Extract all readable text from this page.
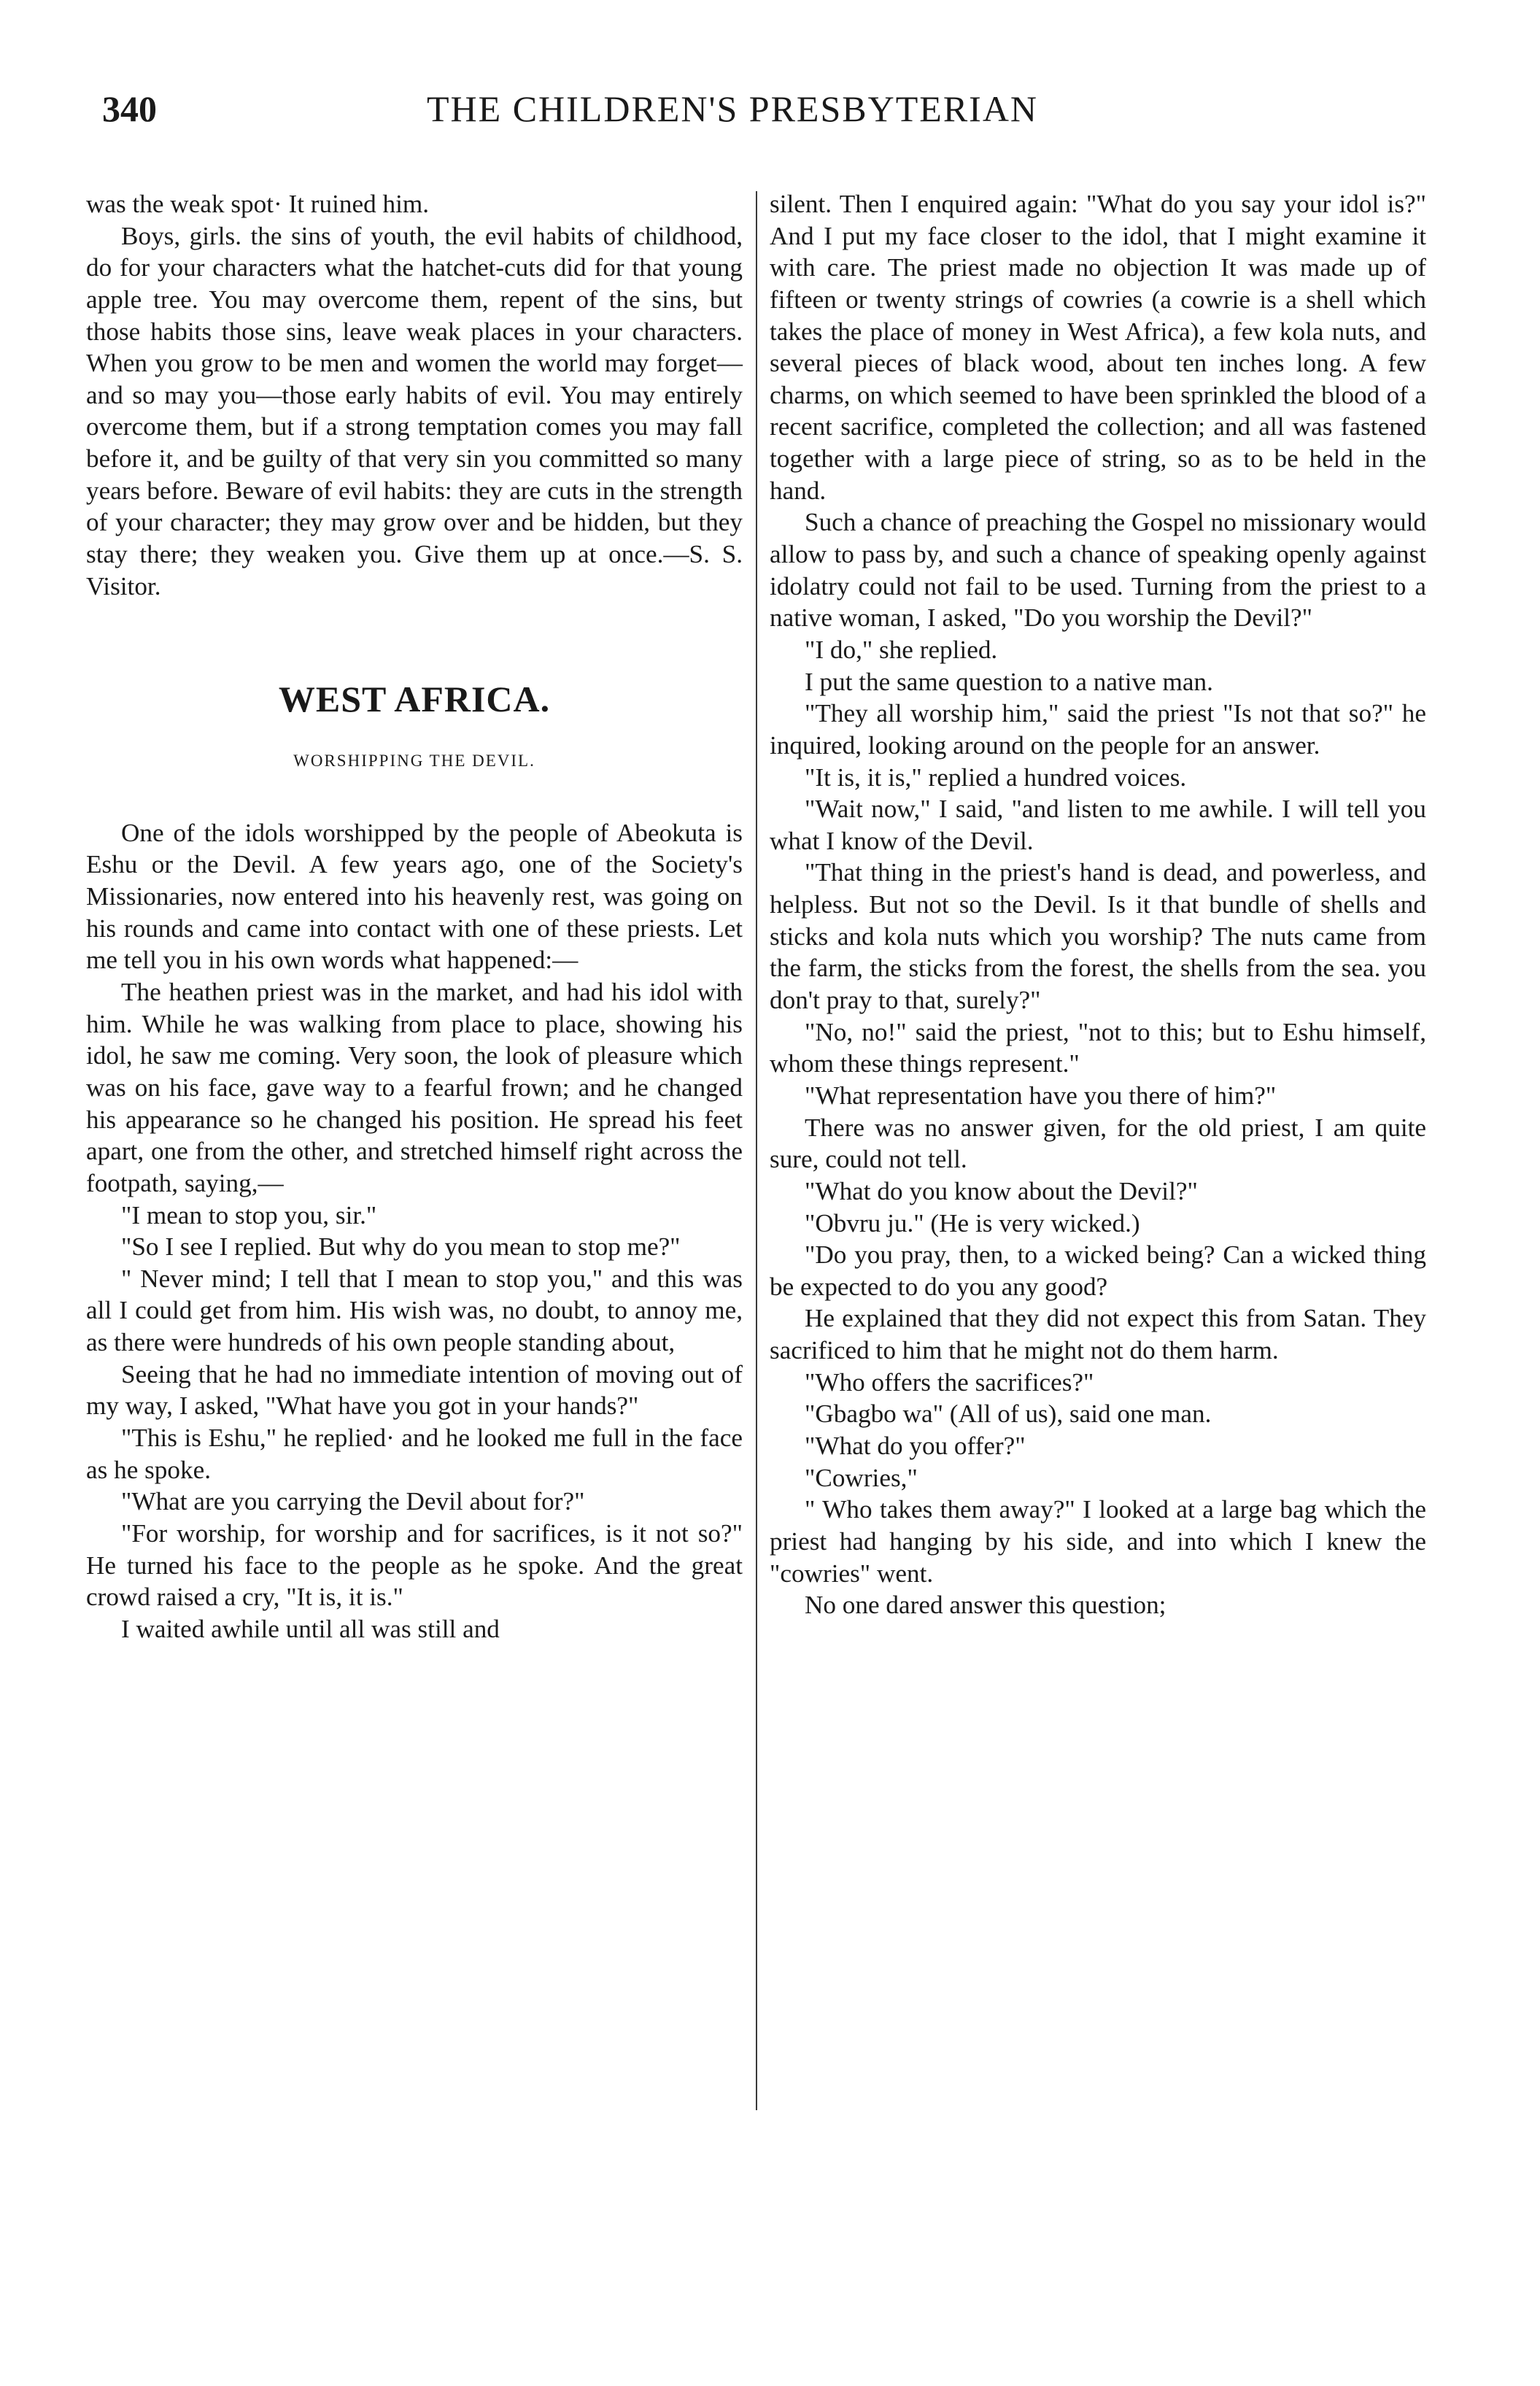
340	THE CHILDREN'S PRESBYTERIAN

was the weak spot· It ruined him.

Boys, girls. the sins of youth, the evil habits of childhood, do for your characters what the hatchet-cuts did for that young apple tree. You may overcome them, repent of the sins, but those habits those sins, leave weak places in your characters. When you grow to be men and women the world may forget—and so may you—those early habits of evil. You may entirely overcome them, but if a strong temptation comes you may fall before it, and be guilty of that very sin you committed so many years before. Beware of evil habits: they are cuts in the strength of your character; they may grow over and be hidden, but they stay there; they weaken you. Give them up at once.—S. S. Visitor.

WEST AFRICA.
WORSHIPPING THE DEVIL.

One of the idols worshipped by the people of Abeokuta is Eshu or the Devil. A few years ago, one of the Society's Missionaries, now entered into his heavenly rest, was going on his rounds and came into contact with one of these priests. Let me tell you in his own words what happened:—

The heathen priest was in the market, and had his idol with him. While he was walking from place to place, showing his idol, he saw me coming. Very soon, the look of pleasure which was on his face, gave way to a fearful frown; and he changed his appearance so he changed his position. He spread his feet apart, one from the other, and stretched himself right across the footpath, saying,—

"I mean to stop you, sir."

"So I see I replied. But why do you mean to stop me?"

" Never mind; I tell that I mean to stop you," and this was all I could get from him. His wish was, no doubt, to annoy me, as there were hundreds of his own people standing about,

Seeing that he had no immediate intention of moving out of my way, I asked, "What have you got in your hands?"

"This is Eshu," he replied· and he looked me full in the face as he spoke.

"What are you carrying the Devil about for?"

"For worship, for worship and for sacrifices, is it not so?" He turned his face to the people as he spoke. And the great crowd raised a cry, "It is, it is."

I waited awhile until all was still and

silent. Then I enquired again: "What do you say your idol is?" And I put my face closer to the idol, that I might examine it with care. The priest made no objection It was made up of fifteen or twenty strings of cowries (a cowrie is a shell which takes the place of money in West Africa), a few kola nuts, and several pieces of black wood, about ten inches long. A few charms, on which seemed to have been sprinkled the blood of a recent sacrifice, completed the collection; and all was fastened together with a large piece of string, so as to be held in the hand.

Such a chance of preaching the Gospel no missionary would allow to pass by, and such a chance of speaking openly against idolatry could not fail to be used. Turning from the priest to a native woman, I asked, "Do you worship the Devil?"

"I do," she replied.

I put the same question to a native man.

"They all worship him," said the priest "Is not that so?" he inquired, looking around on the people for an answer.

"It is, it is," replied a hundred voices.

"Wait now," I said, "and listen to me awhile. I will tell you what I know of the Devil.

"That thing in the priest's hand is dead, and powerless, and helpless. But not so the Devil. Is it that bundle of shells and sticks and kola nuts which you worship? The nuts came from the farm, the sticks from the forest, the shells from the sea. you don't pray to that, surely?"

"No, no!" said the priest, "not to this; but to Eshu himself, whom these things represent."

"What representation have you there of him?"

There was no answer given, for the old priest, I am quite sure, could not tell.

"What do you know about the Devil?"

"Obvru ju." (He is very wicked.)

"Do you pray, then, to a wicked being? Can a wicked thing be expected to do you any good?

He explained that they did not expect this from Satan. They sacrificed to him that he might not do them harm.

"Who offers the sacrifices?"

"Gbagbo wa" (All of us), said one man.

"What do you offer?"

"Cowries,"

" Who takes them away?" I looked at a large bag which the priest had hanging by his side, and into which I knew the "cowries" went.

No one dared answer this question;
